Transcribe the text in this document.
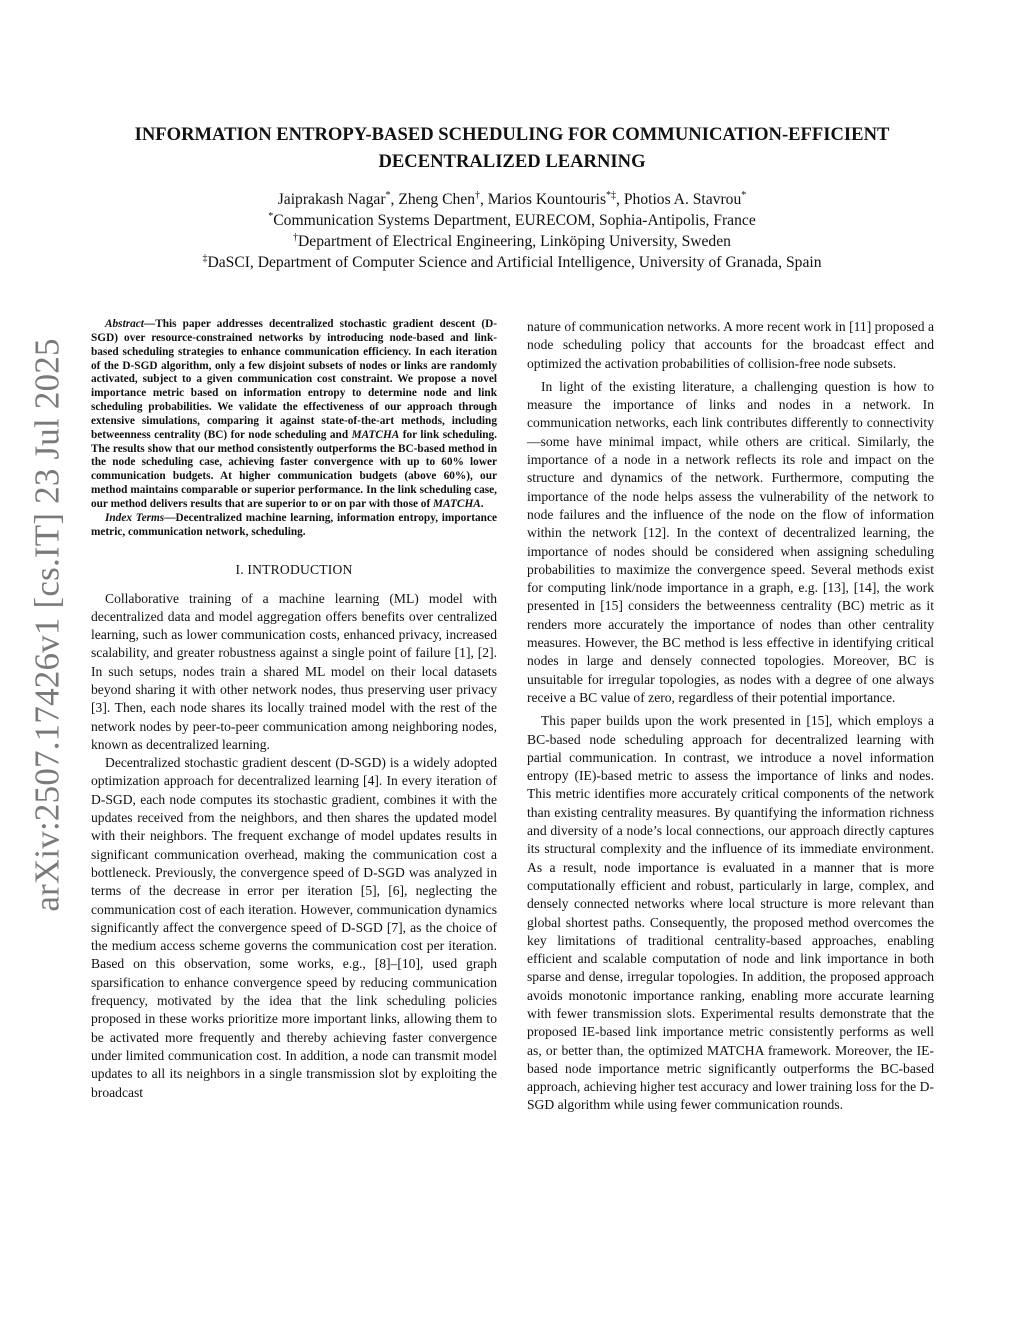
arXiv:2507.17426v1 [cs.IT] 23 Jul 2025
INFORMATION ENTROPY-BASED SCHEDULING FOR COMMUNICATION-EFFICIENT
DECENTRALIZED LEARNING
Jaiprakash Nagar*, Zheng Chen†, Marios Kountouris*‡, Photios A. Stavrou*
*Communication Systems Department, EURECOM, Sophia-Antipolis, France
†Department of Electrical Engineering, Linköping University, Sweden
‡DaSCI, Department of Computer Science and Artificial Intelligence, University of Granada, Spain

Abstract—This paper addresses decentralized stochastic gradient descent (D-SGD) over resource-constrained networks by introducing node-based and link-based scheduling strategies to enhance communication efficiency. In each iteration of the D-SGD algorithm, only a few disjoint subsets of nodes or links are randomly activated, subject to a given communication cost constraint. We propose a novel importance metric based on information entropy to determine node and link scheduling probabilities. We validate the effectiveness of our approach through extensive simulations, comparing it against state-of-the-art methods, including betweenness centrality (BC) for node scheduling and MATCHA for link scheduling. The results show that our method consistently outperforms the BC-based method in the node scheduling case, achieving faster convergence with up to 60% lower communication budgets. At higher communication budgets (above 60%), our method maintains comparable or superior performance. In the link scheduling case, our method delivers results that are superior to or on par with those of MATCHA.

Index Terms—Decentralized machine learning, information entropy, importance metric, communication network, scheduling.

I. INTRODUCTION

Collaborative training of a machine learning (ML) model with decentralized data and model aggregation offers benefits over centralized learning, such as lower communication costs, enhanced privacy, increased scalability, and greater robustness against a single point of failure [1], [2]. In such setups, nodes train a shared ML model on their local datasets beyond sharing it with other network nodes, thus preserving user privacy [3]. Then, each node shares its locally trained model with the rest of the network nodes by peer-to-peer communication among neighboring nodes, known as decentralized learning.

Decentralized stochastic gradient descent (D-SGD) is a widely adopted optimization approach for decentralized learning [4]. In every iteration of D-SGD, each node computes its stochastic gradient, combines it with the updates received from the neighbors, and then shares the updated model with their neighbors. The frequent exchange of model updates results in significant communication overhead, making the communication cost a bottleneck. Previously, the convergence speed of D-SGD was analyzed in terms of the decrease in error per iteration [5], [6], neglecting the communication cost of each iteration. However, communication dynamics significantly affect the convergence speed of D-SGD [7], as the choice of the medium access scheme governs the communication cost per iteration. Based on this observation, some works, e.g., [8]–[10], used graph sparsification to enhance convergence speed by reducing communication frequency, motivated by the idea that the link scheduling policies proposed in these works prioritize more important links, allowing them to be activated more frequently and thereby achieving faster convergence under limited communication cost. In addition, a node can transmit model updates to all its neighbors in a single transmission slot by exploiting the broadcast

nature of communication networks. A more recent work in [11] proposed a node scheduling policy that accounts for the broadcast effect and optimized the activation probabilities of collision-free node subsets.

In light of the existing literature, a challenging question is how to measure the importance of links and nodes in a network. In communication networks, each link contributes differently to connectivity—some have minimal impact, while others are critical. Similarly, the importance of a node in a network reflects its role and impact on the structure and dynamics of the network. Furthermore, computing the importance of the node helps assess the vulnerability of the network to node failures and the influence of the node on the flow of information within the network [12]. In the context of decentralized learning, the importance of nodes should be considered when assigning scheduling probabilities to maximize the convergence speed. Several methods exist for computing link/node importance in a graph, e.g. [13], [14], the work presented in [15] considers the betweenness centrality (BC) metric as it renders more accurately the importance of nodes than other centrality measures. However, the BC method is less effective in identifying critical nodes in large and densely connected topologies. Moreover, BC is unsuitable for irregular topologies, as nodes with a degree of one always receive a BC value of zero, regardless of their potential importance.

This paper builds upon the work presented in [15], which employs a BC-based node scheduling approach for decentralized learning with partial communication. In contrast, we introduce a novel information entropy (IE)-based metric to assess the importance of links and nodes. This metric identifies more accurately critical components of the network than existing centrality measures. By quantifying the information richness and diversity of a node’s local connections, our approach directly captures its structural complexity and the influence of its immediate environment. As a result, node importance is evaluated in a manner that is more computationally efficient and robust, particularly in large, complex, and densely connected networks where local structure is more relevant than global shortest paths. Consequently, the proposed method overcomes the key limitations of traditional centrality-based approaches, enabling efficient and scalable computation of node and link importance in both sparse and dense, irregular topologies. In addition, the proposed approach avoids monotonic importance ranking, enabling more accurate learning with fewer transmission slots. Experimental results demonstrate that the proposed IE-based link importance metric consistently performs as well as, or better than, the optimized MATCHA framework. Moreover, the IE-based node importance metric significantly outperforms the BC-based approach, achieving higher test accuracy and lower training loss for the D-SGD algorithm while using fewer communication rounds.
